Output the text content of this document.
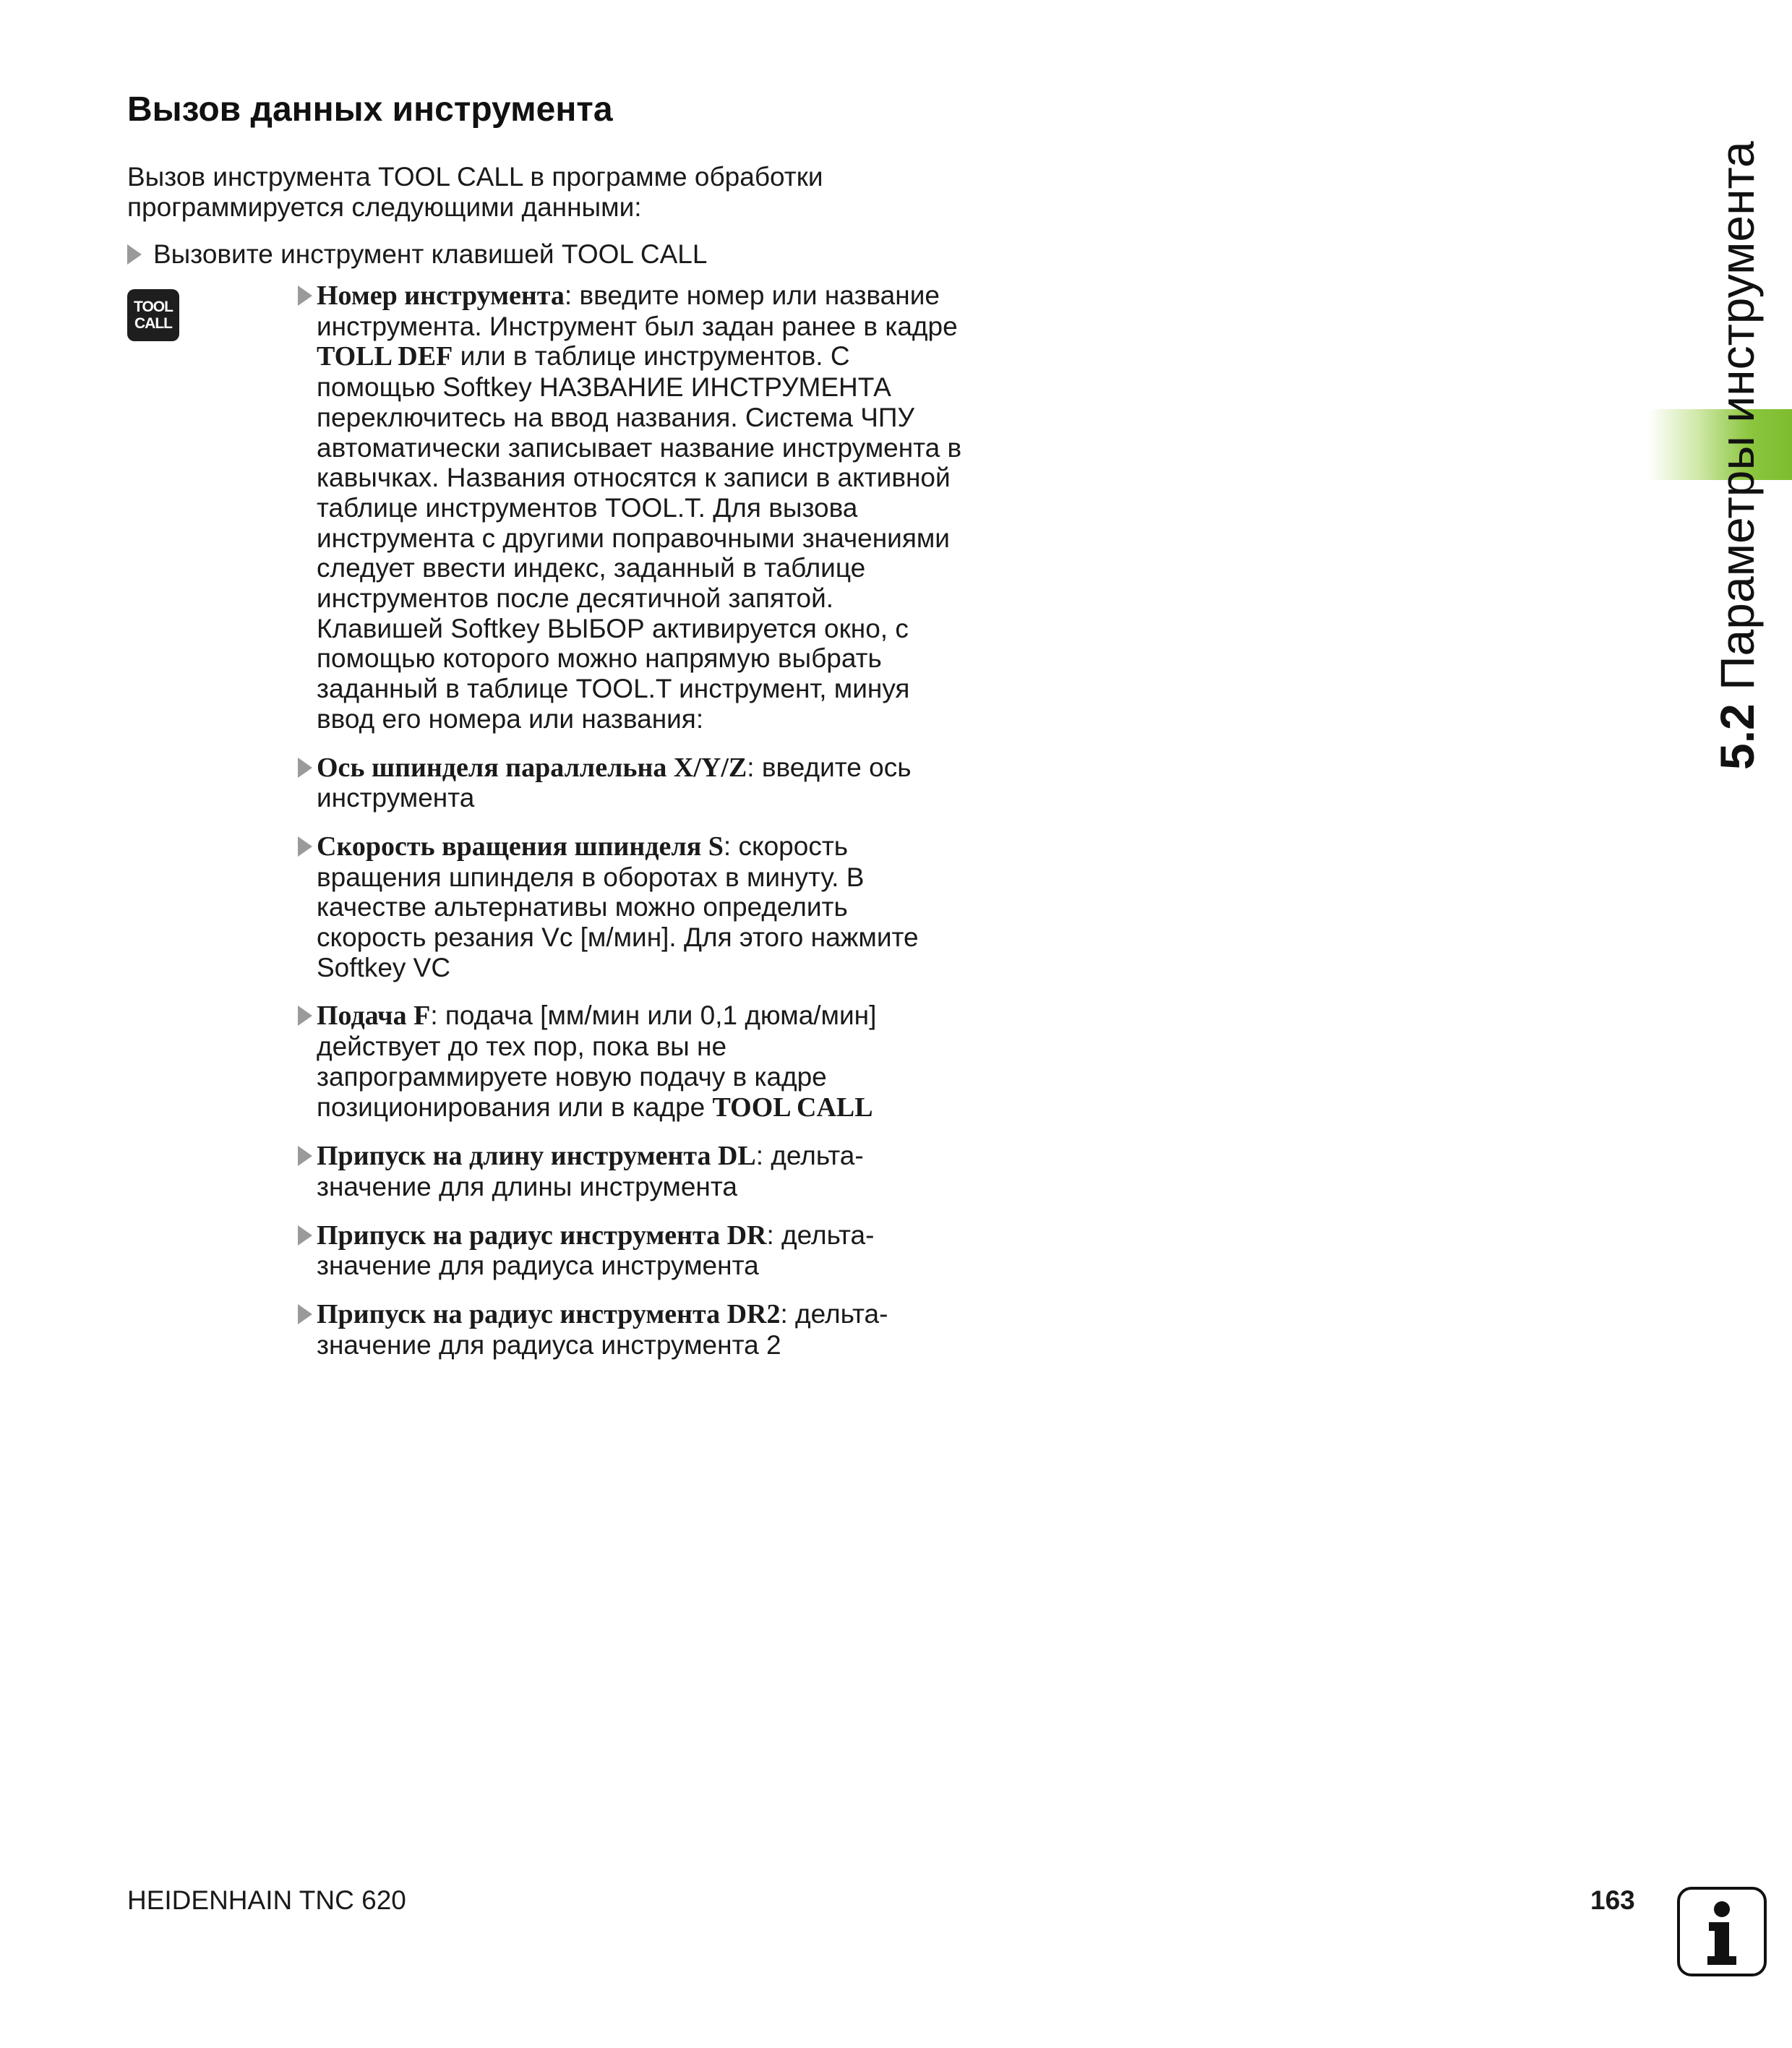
Вызов данных инструмента

Вызов инструмента TOOL CALL в программе обработки программируется следующими данными:

Вызовите инструмент клавишей TOOL CALL
TOOL
CALL
Номер инструмента: введите номер или название инструмента. Инструмент был задан ранее в кадре TOLL DEF или в таблице инструментов. С помощью Softkey НАЗВАНИЕ ИНСТРУМЕНТА переключитесь на ввод названия. Система ЧПУ автоматически записывает название инструмента в кавычках. Названия относятся к записи в активной таблице инструментов TOOL.T. Для вызова инструмента с другими поправочными значениями следует ввести индекс, заданный в таблице инструментов после десятичной запятой. Клавишей Softkey ВЫБОР активируется окно, с помощью которого можно напрямую выбрать заданный в таблице TOOL.T инструмент, минуя ввод его номера или названия:
Ось шпинделя параллельна X/Y/Z: введите ось инструмента
Скорость вращения шпинделя S: скорость вращения шпинделя в оборотах в минуту. В качестве альтернативы можно определить скорость резания Vc [м/мин]. Для этого нажмите Softkey VC
Подача F: подача [мм/мин или 0,1 дюма/мин] действует до тех пор, пока вы не запрограммируете новую подачу в кадре позиционирования или в кадре TOOL CALL
Припуск на длину инструмента DL: дельта-значение для длины инструмента
Припуск на радиус инструмента DR: дельта-значение для радиуса инструмента
Припуск на радиус инструмента DR2: дельта-значение для радиуса инструмента 2
5.2 Параметры инструмента
HEIDENHAIN TNC 620	163
